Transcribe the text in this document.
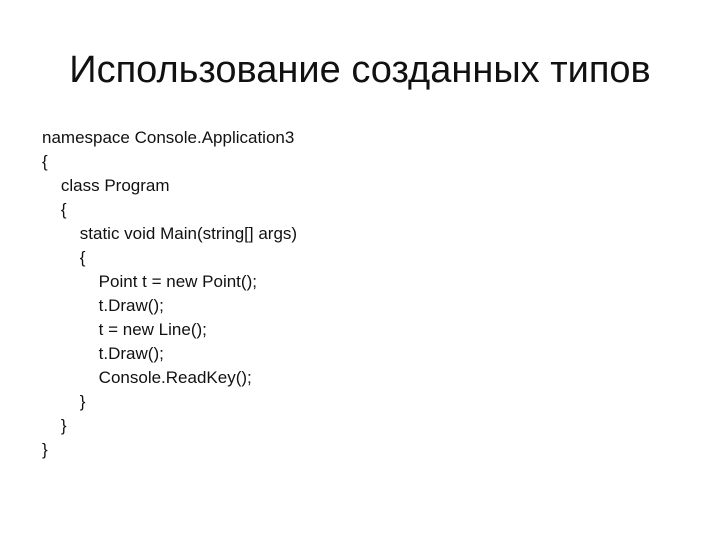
Использование созданных типов
namespace Console.Application3
{
class Program
{
static void Main(string[] args)
{
Point t = new Point();
t.Draw();
t = new Line();
t.Draw();
Console.ReadKey();
}
}
}
